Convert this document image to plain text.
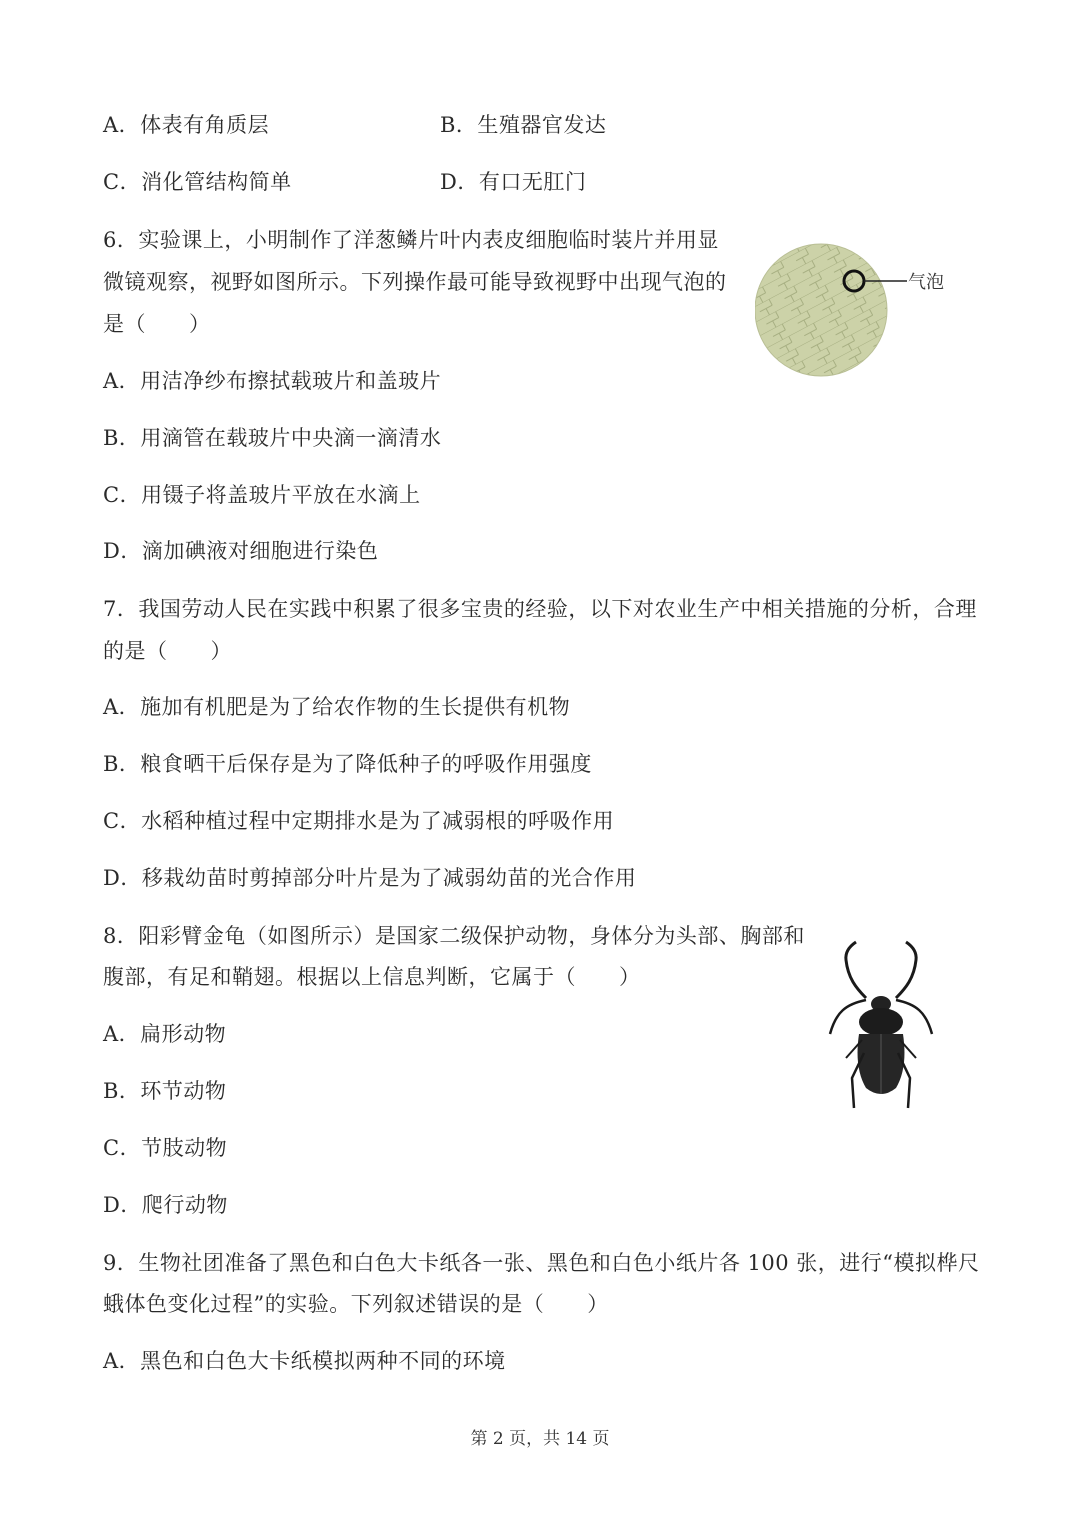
A．体表有角质层	B．生殖器官发达
C．消化管结构简单	D．有口无肛门
6．实验课上，小明制作了洋葱鳞片叶内表皮细胞临时装片并用显
微镜观察，视野如图所示。下列操作最可能导致视野中出现气泡的
是（　　）
气泡
A．用洁净纱布擦拭载玻片和盖玻片
B．用滴管在载玻片中央滴一滴清水
C．用镊子将盖玻片平放在水滴上
D．滴加碘液对细胞进行染色
7．我国劳动人民在实践中积累了很多宝贵的经验，以下对农业生产中相关措施的分析，合理
的是（　　）
A．施加有机肥是为了给农作物的生长提供有机物
B．粮食晒干后保存是为了降低种子的呼吸作用强度
C．水稻种植过程中定期排水是为了减弱根的呼吸作用
D．移栽幼苗时剪掉部分叶片是为了减弱幼苗的光合作用
8．阳彩臂金龟（如图所示）是国家二级保护动物，身体分为头部、胸部和
腹部，有足和鞘翅。根据以上信息判断，它属于（　　）
A．扁形动物
B．环节动物
C．节肢动物
D．爬行动物
9．生物社团准备了黑色和白色大卡纸各一张、黑色和白色小纸片各 100 张，进行“模拟桦尺
蛾体色变化过程”的实验。下列叙述错误的是（　　）
A．黑色和白色大卡纸模拟两种不同的环境
第 2 页，共 14 页
